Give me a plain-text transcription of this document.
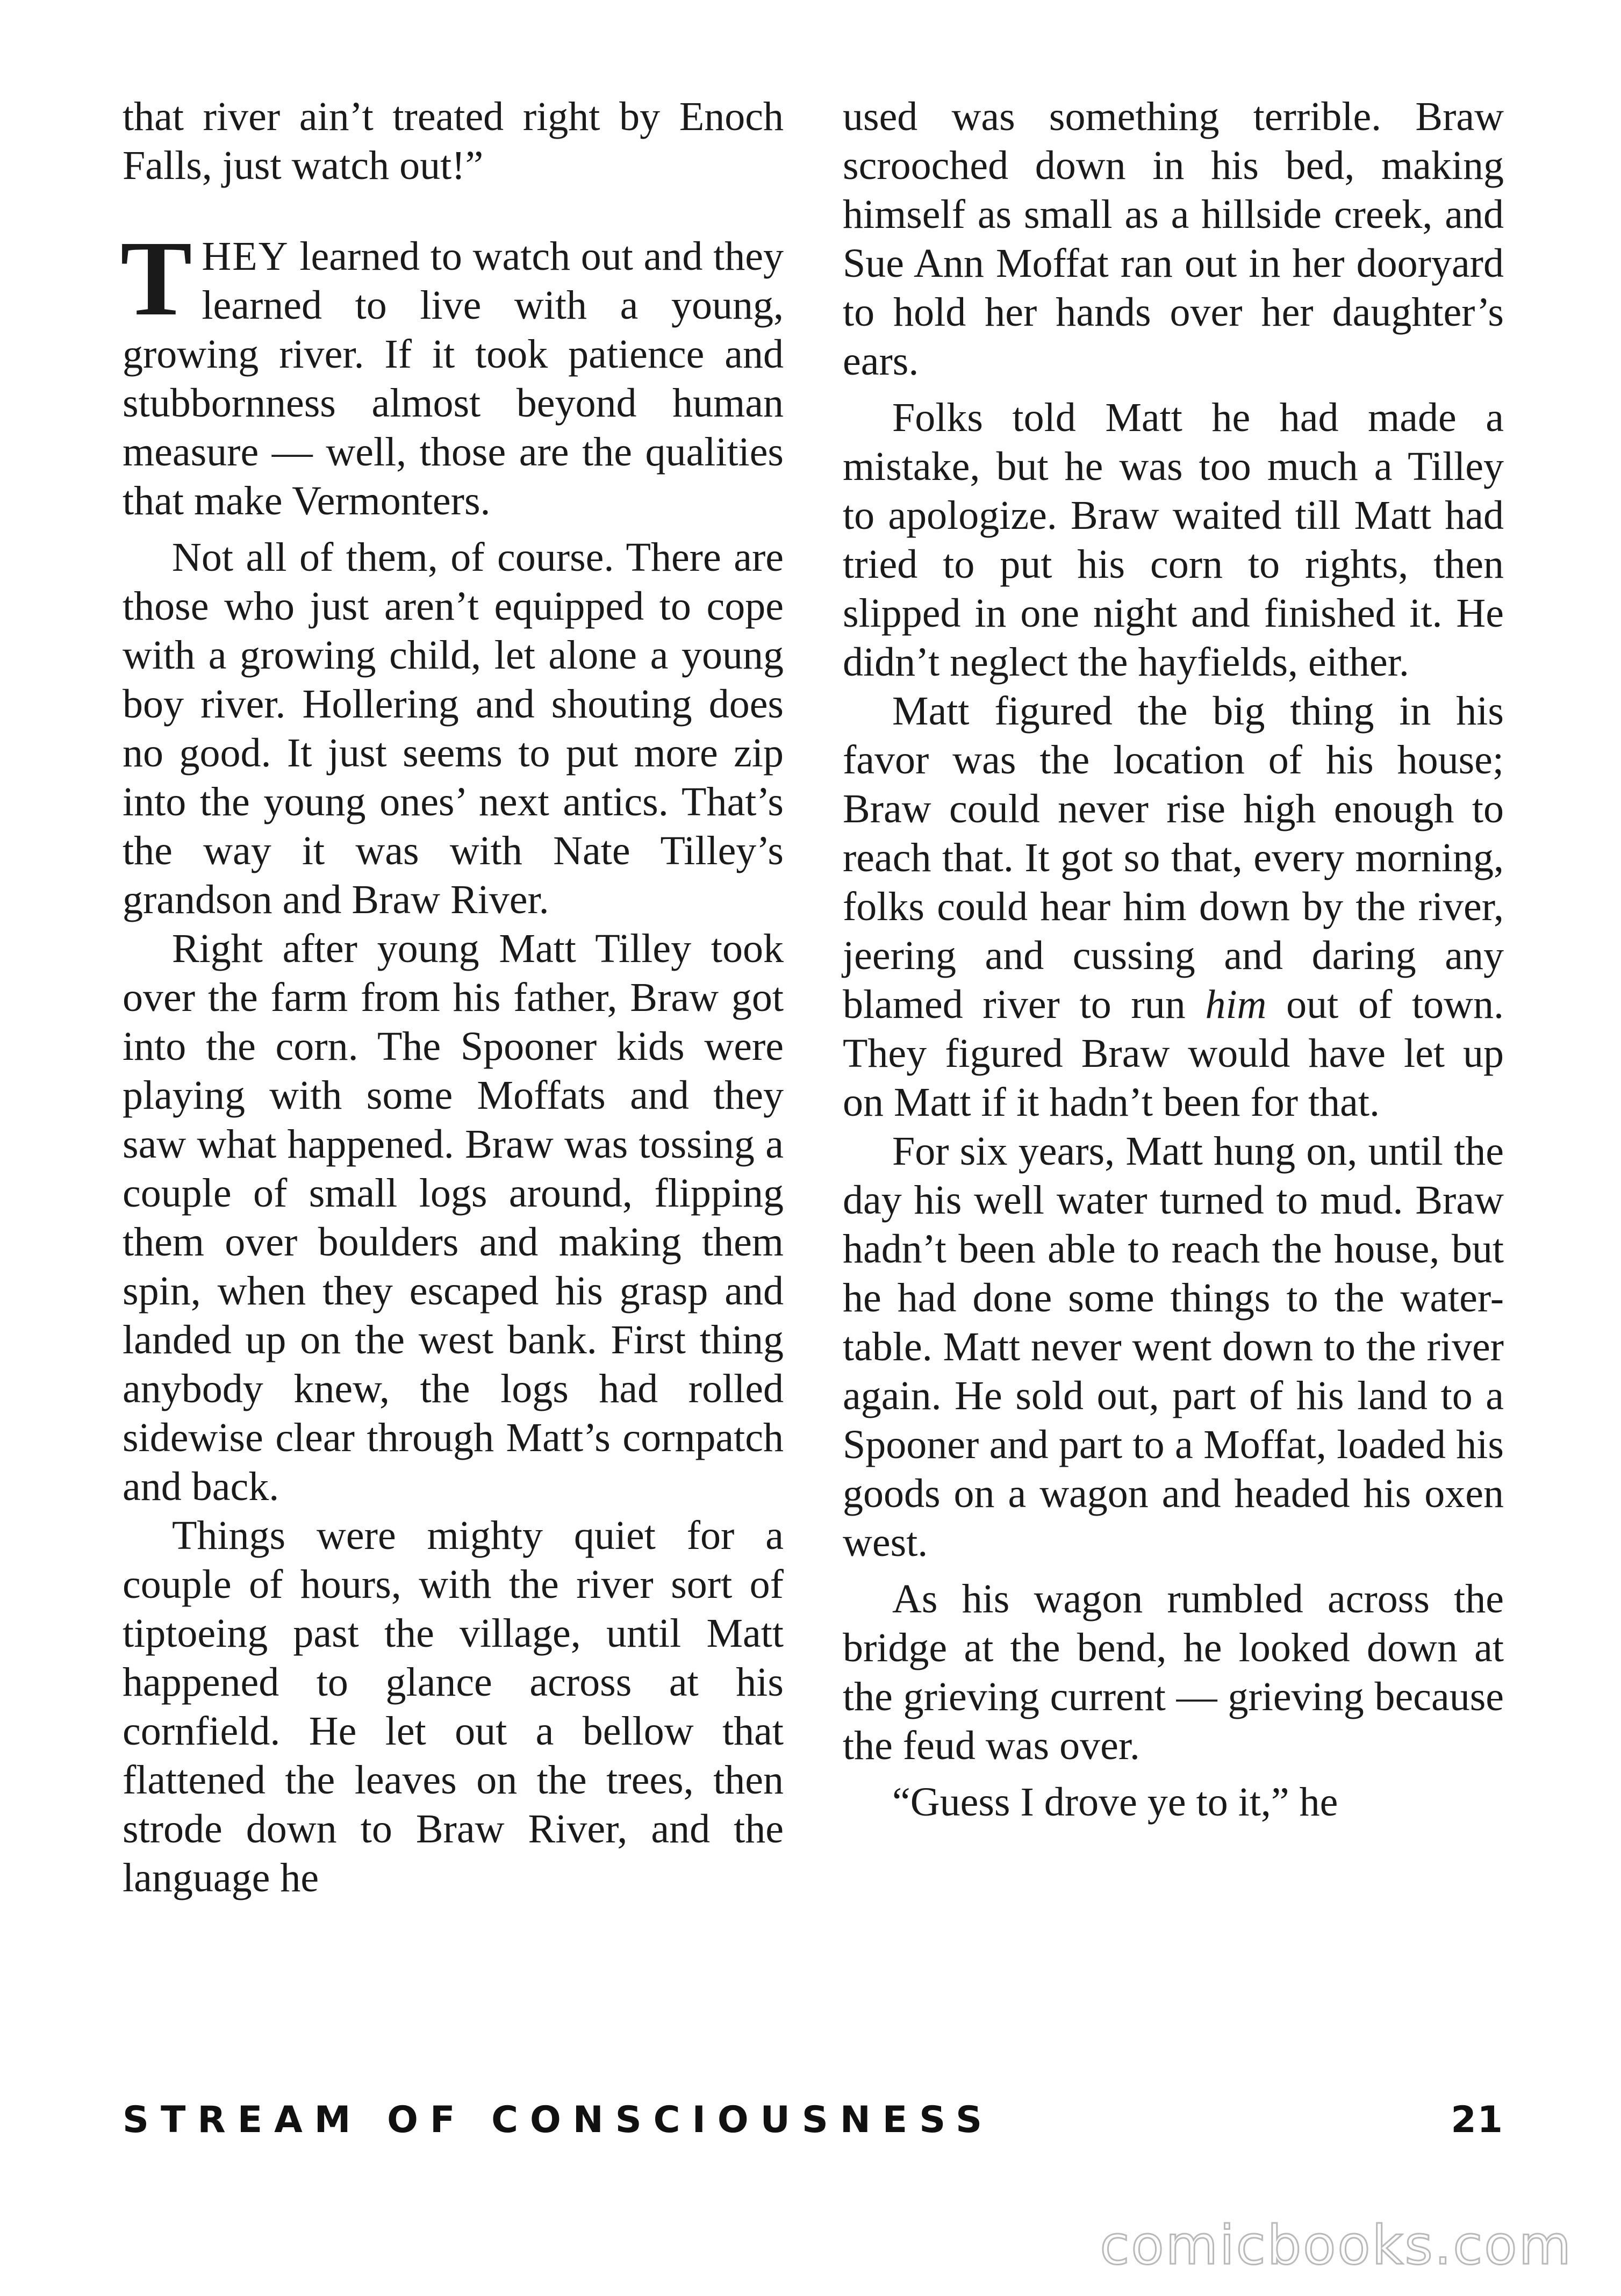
that river ain’t treated right by Enoch Falls, just watch out!”

THEY learned to watch out and they learned to live with a young, growing river. If it took patience and stubbornness almost beyond human measure — well, those are the qualities that make Vermonters.

Not all of them, of course. There are those who just aren’t equipped to cope with a growing child, let alone a young boy river. Hollering and shouting does no good. It just seems to put more zip into the young ones’ next antics. That’s the way it was with Nate Tilley’s grandson and Braw River.

Right after young Matt Tilley took over the farm from his father, Braw got into the corn. The Spooner kids were playing with some Moffats and they saw what happened. Braw was tossing a couple of small logs around, flipping them over boulders and making them spin, when they escaped his grasp and landed up on the west bank. First thing anybody knew, the logs had rolled sidewise clear through Matt’s cornpatch and back.

Things were mighty quiet for a couple of hours, with the river sort of tiptoeing past the village, until Matt happened to glance across at his cornfield. He let out a bellow that flattened the leaves on the trees, then strode down to Braw River, and the language he

used was something terrible. Braw scrooched down in his bed, making himself as small as a hillside creek, and Sue Ann Moffat ran out in her dooryard to hold her hands over her daughter’s ears.

Folks told Matt he had made a mistake, but he was too much a Tilley to apologize. Braw waited till Matt had tried to put his corn to rights, then slipped in one night and finished it. He didn’t neglect the hayfields, either.

Matt figured the big thing in his favor was the location of his house; Braw could never rise high enough to reach that. It got so that, every morning, folks could hear him down by the river, jeering and cussing and daring any blamed river to run him out of town. They figured Braw would have let up on Matt if it hadn’t been for that.

For six years, Matt hung on, until the day his well water turned to mud. Braw hadn’t been able to reach the house, but he had done some things to the water-table. Matt never went down to the river again. He sold out, part of his land to a Spooner and part to a Moffat, loaded his goods on a wagon and headed his oxen west.

As his wagon rumbled across the bridge at the bend, he looked down at the grieving current — grieving because the feud was over.

“Guess I drove ye to it,” he

STREAM OF CONSCIOUSNESS	21
comicbooks.com
